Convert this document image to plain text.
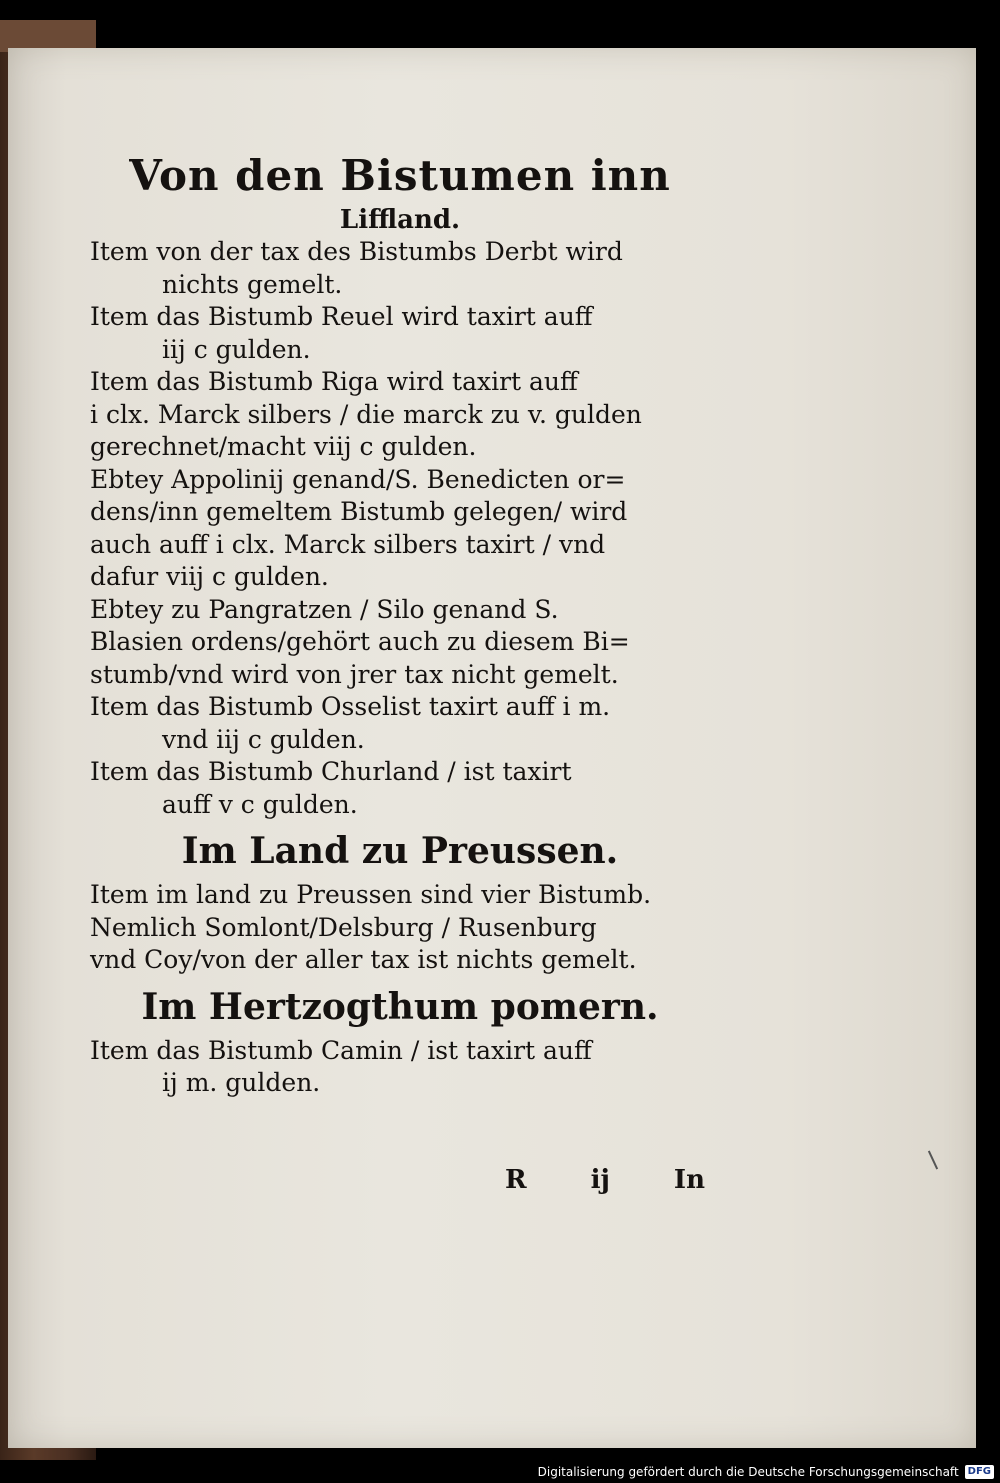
Von den Bistumen inn

Liffland.

Item von der tax des Bistumbs Derbt wird
nichts gemelt.

Item das Bistumb Reuel wird taxirt auff
iij c gulden.

Item das Bistumb Riga wird taxirt auff
i clx. Marck silbers / die marck zu v. gulden
gerechnet/macht viij c gulden.

Ebtey Appolinij genand/S. Benedicten or=
dens/inn gemeltem Bistumb gelegen/ wird
auch auff i clx. Marck silbers taxirt / vnd
dafur viij c gulden.

Ebtey zu Pangratzen / Silo genand S.
Blasien ordens/gehört auch zu diesem Bi=
stumb/vnd wird von jrer tax nicht gemelt.

Item das Bistumb Osselist taxirt auff i m.
vnd iij c gulden.

Item das Bistumb Churland / ist taxirt
auff v c gulden.

Im Land zu Preussen.

Item im land zu Preussen sind vier Bistumb.
Nemlich Somlont/Delsburg / Rusenburg
vnd Coy/von der aller tax ist nichts gemelt.

Im Hertzogthum pomern.

Item das Bistumb Camin / ist taxirt auff
ij m. gulden.

R ij In
Digitalisierung gefördert durch die Deutsche Forschungsgemeinschaft DFG
